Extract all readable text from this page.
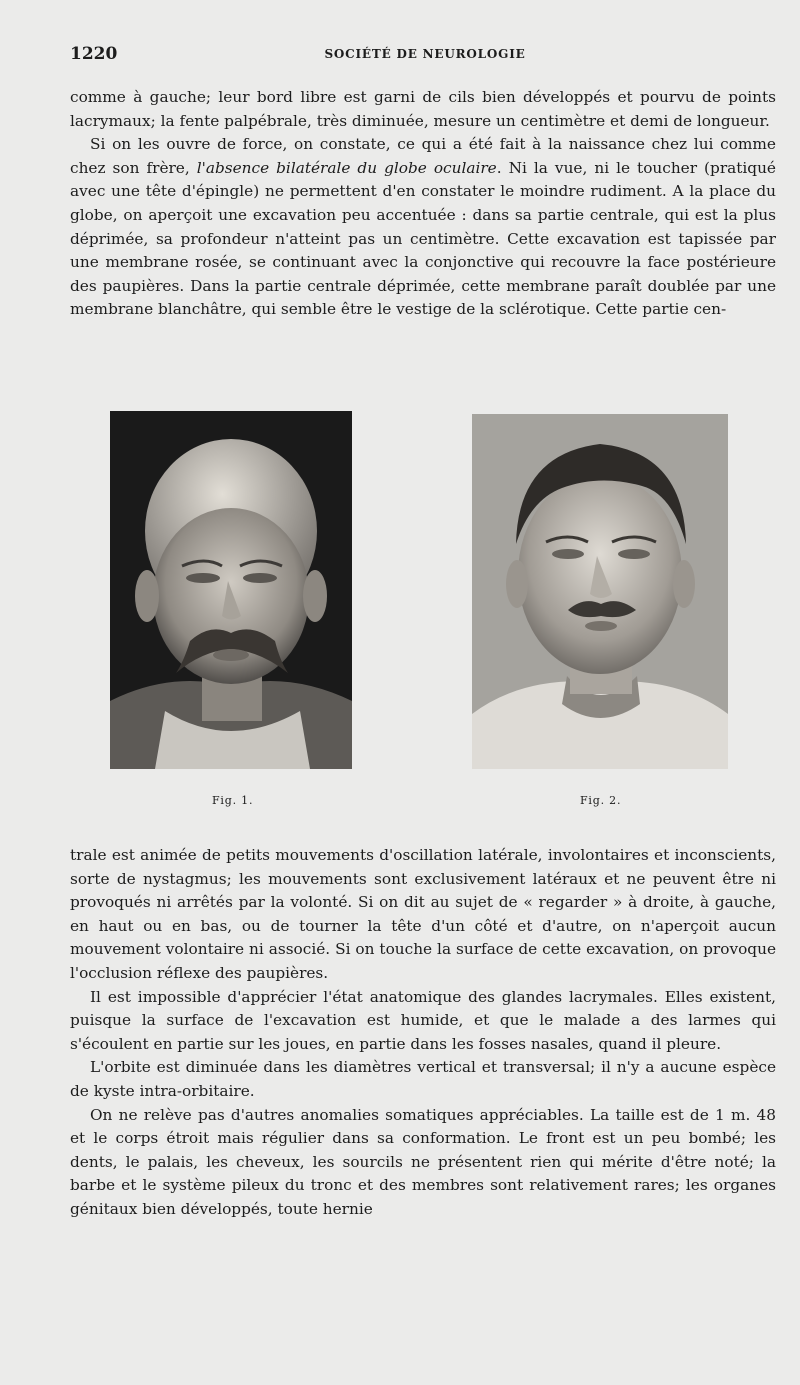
1220	SOCIÉTÉ DE NEUROLOGIE

comme à gauche; leur bord libre est garni de cils bien développés et pourvu de points lacrymaux; la fente palpébrale, très diminuée, mesure un centimètre et demi de longueur.

Si on les ouvre de force, on constate, ce qui a été fait à la naissance chez lui comme chez son frère, l'absence bilatérale du globe oculaire. Ni la vue, ni le toucher (pratiqué avec une tête d'épingle) ne permettent d'en constater le moindre rudiment. A la place du globe, on aperçoit une excavation peu accentuée : dans sa partie centrale, qui est la plus déprimée, sa profondeur n'atteint pas un centimètre. Cette excavation est tapissée par une membrane rosée, se continuant avec la conjonctive qui recouvre la face postérieure des paupières. Dans la partie centrale déprimée, cette membrane paraît doublée par une membrane blanchâtre, qui semble être le vestige de la sclérotique. Cette partie cen-

Fig. 1.	Fig. 2.

trale est animée de petits mouvements d'oscillation latérale, involontaires et inconscients, sorte de nystagmus; les mouvements sont exclusivement latéraux et ne peuvent être ni provoqués ni arrêtés par la volonté. Si on dit au sujet de « regarder » à droite, à gauche, en haut ou en bas, ou de tourner la tête d'un côté et d'autre, on n'aperçoit aucun mouvement volontaire ni associé. Si on touche la surface de cette excavation, on provoque l'occlusion réflexe des paupières.

Il est impossible d'apprécier l'état anatomique des glandes lacrymales. Elles existent, puisque la surface de l'excavation est humide, et que le malade a des larmes qui s'écoulent en partie sur les joues, en partie dans les fosses nasales, quand il pleure.

L'orbite est diminuée dans les diamètres vertical et transversal; il n'y a aucune espèce de kyste intra-orbitaire.

On ne relève pas d'autres anomalies somatiques appréciables. La taille est de 1 m. 48 et le corps étroit mais régulier dans sa conformation. Le front est un peu bombé; les dents, le palais, les cheveux, les sourcils ne présentent rien qui mérite d'être noté; la barbe et le système pileux du tronc et des membres sont relativement rares; les organes génitaux bien développés, toute hernie
